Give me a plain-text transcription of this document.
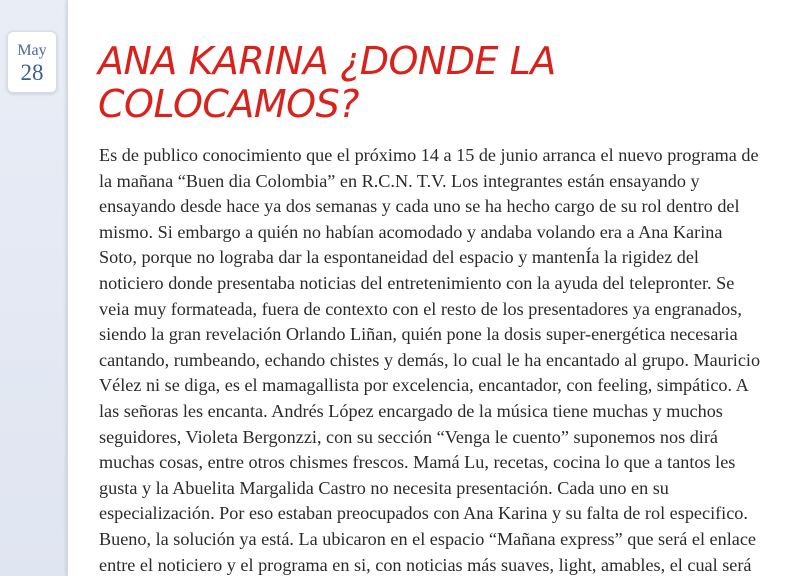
May
28	ANA KARINA ¿DONDE LA COLOCAMOS?

Es de publico conocimiento que el próximo 14 a 15 de junio arranca el nuevo programa de la mañana “Buen dia Colombia” en R.C.N. T.V. Los integrantes están ensayando y ensayando desde hace ya dos semanas y cada uno se ha hecho cargo de su rol dentro del mismo. Si embargo a quién no habían acomodado y andaba volando era a Ana Karina Soto, porque no lograba dar la espontaneidad del espacio y mantenÍa la rigidez del noticiero donde presentaba noticias del entretenimiento con la ayuda del telepronter. Se veia muy formateada, fuera de contexto con el resto de los presentadores ya engranados, siendo la gran revelación Orlando Liñan, quién pone la dosis super-energética necesaria cantando, rumbeando, echando chistes y demás, lo cual le ha encantado al grupo. Mauricio Vélez ni se diga, es el mamagallista por excelencia, encantador, con feeling, simpático. A las señoras les encanta. Andrés López encargado de la música tiene muchas y muchos seguidores, Violeta Bergonzzi, con su sección “Venga le cuento” suponemos nos dirá muchas cosas, entre otros chismes frescos. Mamá Lu, recetas, cocina lo que a tantos les gusta y la Abuelita Margalida Castro no necesita presentación. Cada uno en su especialización. Por eso estaban preocupados con Ana Karina y su falta de rol especifico. Bueno, la solución ya está. La ubicaron en el espacio “Mañana express” que será el enlace entre el noticiero y el programa en si, con noticias más suaves, light, amables, el cual será
